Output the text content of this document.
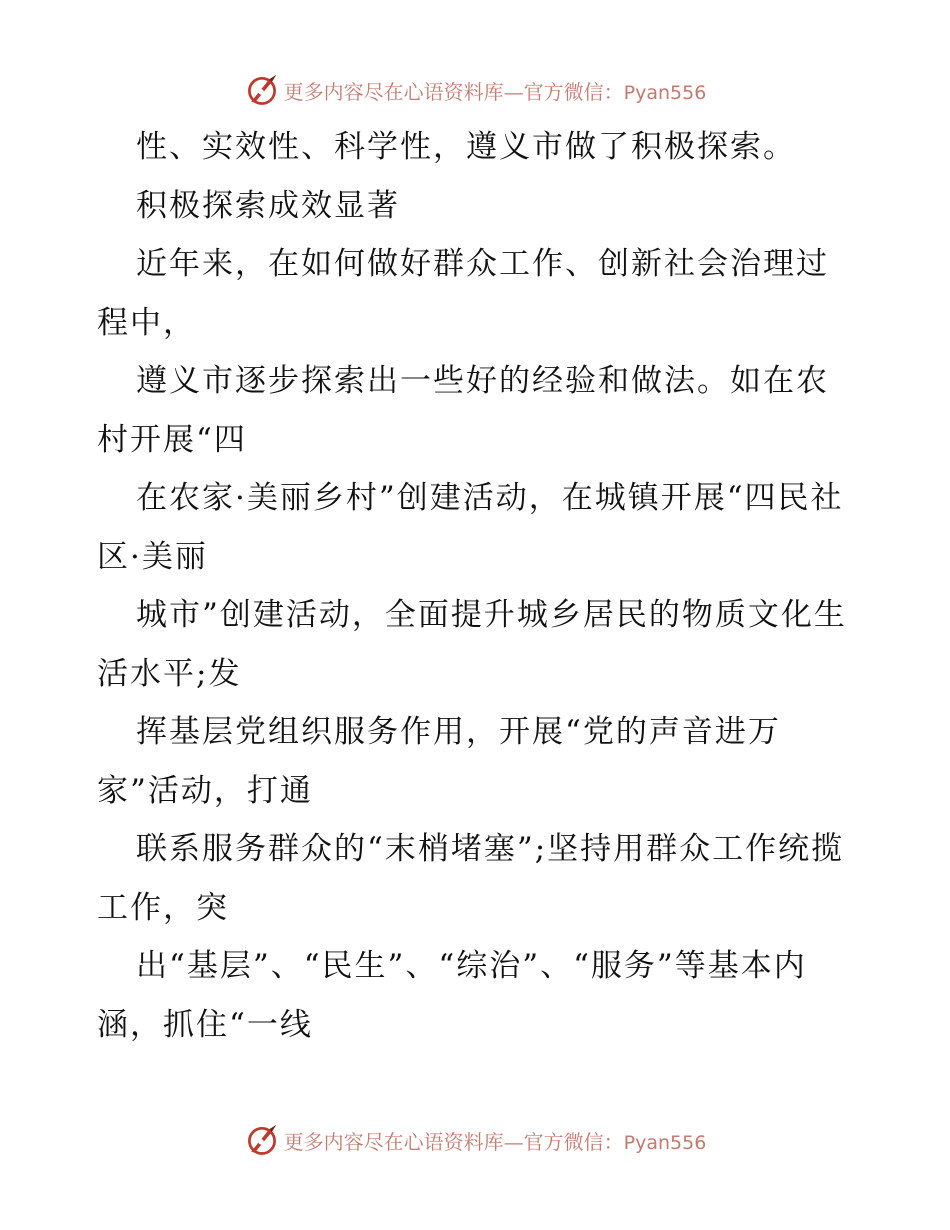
更多内容尽在心语资料库—官方微信：Pyan556

性、实效性、科学性，遵义市做了积极探索。

积极探索成效显著

近年来，在如何做好群众工作、创新社会治理过程中，

遵义市逐步探索出一些好的经验和做法。如在农村开展“四

在农家·美丽乡村”创建活动，在城镇开展“四民社区·美丽

城市”创建活动，全面提升城乡居民的物质文化生活水平;发

挥基层党组织服务作用，开展“党的声音进万家”活动，打通

联系服务群众的“末梢堵塞”;坚持用群众工作统揽工作，突

出“基层”、“民生”、“综治”、“服务”等基本内涵，抓住“一线

更多内容尽在心语资料库—官方微信：Pyan556
